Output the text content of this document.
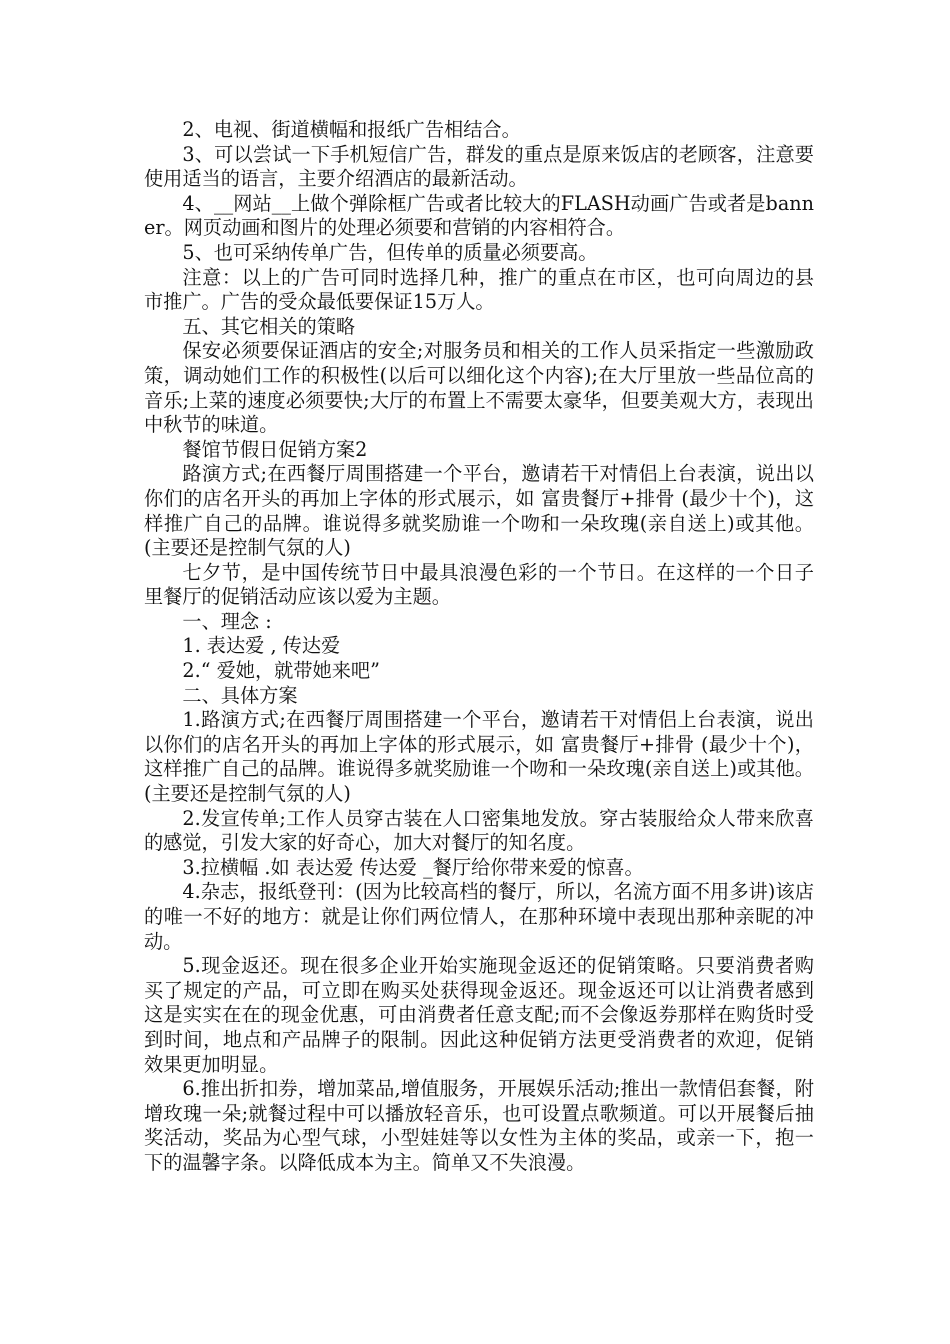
2、电视、街道横幅和报纸广告相结合。

3、可以尝试一下手机短信广告，群发的重点是原来饭店的老顾客，注意要使用适当的语言，主要介绍酒店的最新活动。

4、__网站__上做个弹除框广告或者比较大的FLASH动画广告或者是banner。网页动画和图片的处理必须要和营销的内容相符合。

5、也可采纳传单广告，但传单的质量必须要高。

注意：以上的广告可同时选择几种，推广的重点在市区，也可向周边的县市推广。广告的受众最低要保证15万人。

五、其它相关的策略

保安必须要保证酒店的安全;对服务员和相关的工作人员采指定一些激励政策，调动她们工作的积极性(以后可以细化这个内容);在大厅里放一些品位高的音乐;上菜的速度必须要快;大厅的布置上不需要太豪华，但要美观大方，表现出中秋节的味道。

餐馆节假日促销方案2

路演方式;在西餐厅周围搭建一个平台，邀请若干对情侣上台表演，说出以你们的店名开头的再加上字体的形式展示，如 富贵餐厅+排骨 (最少十个)，这样推广自己的品牌。谁说得多就奖励谁一个吻和一朵玫瑰(亲自送上)或其他。(主要还是控制气氛的人)

七夕节，是中国传统节日中最具浪漫色彩的一个节日。在这样的一个日子里餐厅的促销活动应该以爱为主题。

一、理念 :

1. 表达爱 , 传达爱

2.“ 爱她，就带她来吧”

二、具体方案

1.路演方式;在西餐厅周围搭建一个平台，邀请若干对情侣上台表演，说出以你们的店名开头的再加上字体的形式展示，如 富贵餐厅+排骨 (最少十个)，这样推广自己的品牌。谁说得多就奖励谁一个吻和一朵玫瑰(亲自送上)或其他。(主要还是控制气氛的人)

2.发宣传单;工作人员穿古装在人口密集地发放。穿古装服给众人带来欣喜的感觉，引发大家的好奇心，加大对餐厅的知名度。

3.拉横幅 .如 表达爱 传达爱 _餐厅给你带来爱的惊喜。

4.杂志，报纸登刊：(因为比较高档的餐厅，所以，名流方面不用多讲)该店的唯一不好的地方：就是让你们两位情人，在那种环境中表现出那种亲昵的冲动。

5.现金返还。现在很多企业开始实施现金返还的促销策略。只要消费者购买了规定的产品，可立即在购买处获得现金返还。现金返还可以让消费者感到这是实实在在的现金优惠，可由消费者任意支配;而不会像返券那样在购货时受到时间，地点和产品牌子的限制。因此这种促销方法更受消费者的欢迎，促销效果更加明显。

6.推出折扣券，增加菜品,增值服务，开展娱乐活动;推出一款情侣套餐，附增玫瑰一朵;就餐过程中可以播放轻音乐，也可设置点歌频道。可以开展餐后抽奖活动，奖品为心型气球，小型娃娃等以女性为主体的奖品，或亲一下，抱一下的温馨字条。以降低成本为主。简单又不失浪漫。
